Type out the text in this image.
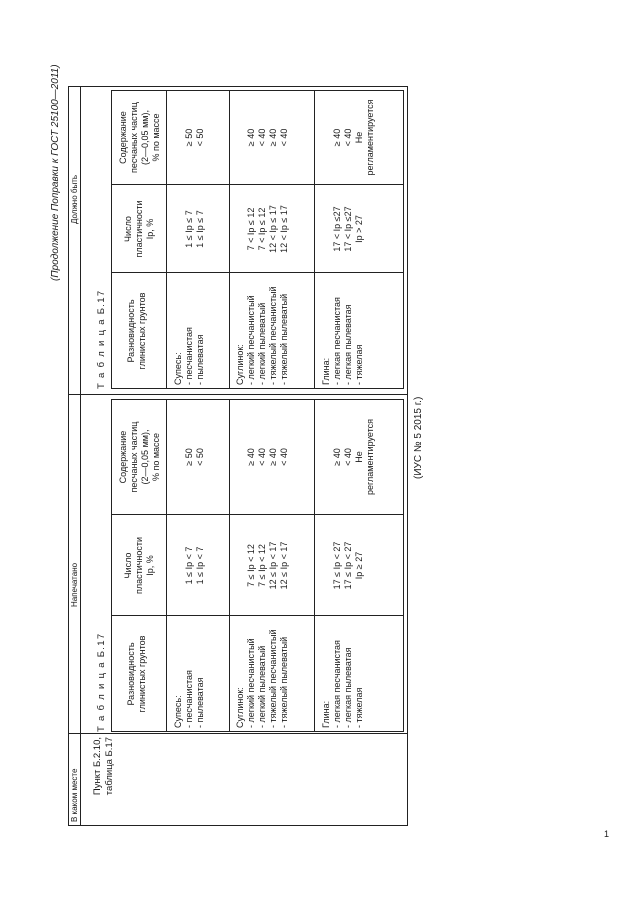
(Продолжение Поправки к ГОСТ 25100—2011)
В каком месте
Напечатано
Должно быть
Пункт Б.2.10, таблица Б.17
Т а б л и ц а Б.17 Разновидность глинистых грунтов
Число пластичности Iр, %
Содержание песчаных частиц (2—0,05 мм), % по массе
Супесь: - песчанистая - пылеватая

1 ≤ Iр < 7 1 ≤ Iр < 7

≥ 50 < 50
Суглинок: - легкий песчанистый - легкий пылеватый - тяжелый песчанистый - тяжелый пылеватый

7 ≤ Iр < 12 7 ≤ Iр < 12 12 ≤ Iр < 17 12 ≤ Iр < 17

≥ 40 < 40 ≥ 40 < 40
Глина: - легкая песчанистая - легкая пылеватая - тяжелая

17 ≤ Iр < 27 17 ≤ Iр < 27 Iр ≥ 27

≥ 40 < 40 Не регламентируется
Т а б л и ц а Б.17 Разновидность глинистых грунтов
Число пластичности Iр, %
Содержание песчаных частиц (2—0,05 мм), % по массе
Супесь: - песчанистая - пылеватая

1 ≤ Iр ≤ 7 1 ≤ Iр ≤ 7

≥ 50 < 50
Суглинок: - легкий песчанистый - легкий пылеватый - тяжелый песчанистый - тяжелый пылеватый

7 < Iр ≤ 12 7 < Iр ≤ 12 12 < Iр ≤ 17 12 < Iр ≤ 17

≥ 40 < 40 ≥ 40 < 40
Глина: - легкая песчанистая - легкая пылеватая - тяжелая

17 < Iр ≤27 17 < Iр ≤27 Iр > 27

≥ 40 < 40 Не регламентируется
(ИУС № 5 2015 г.)
1
